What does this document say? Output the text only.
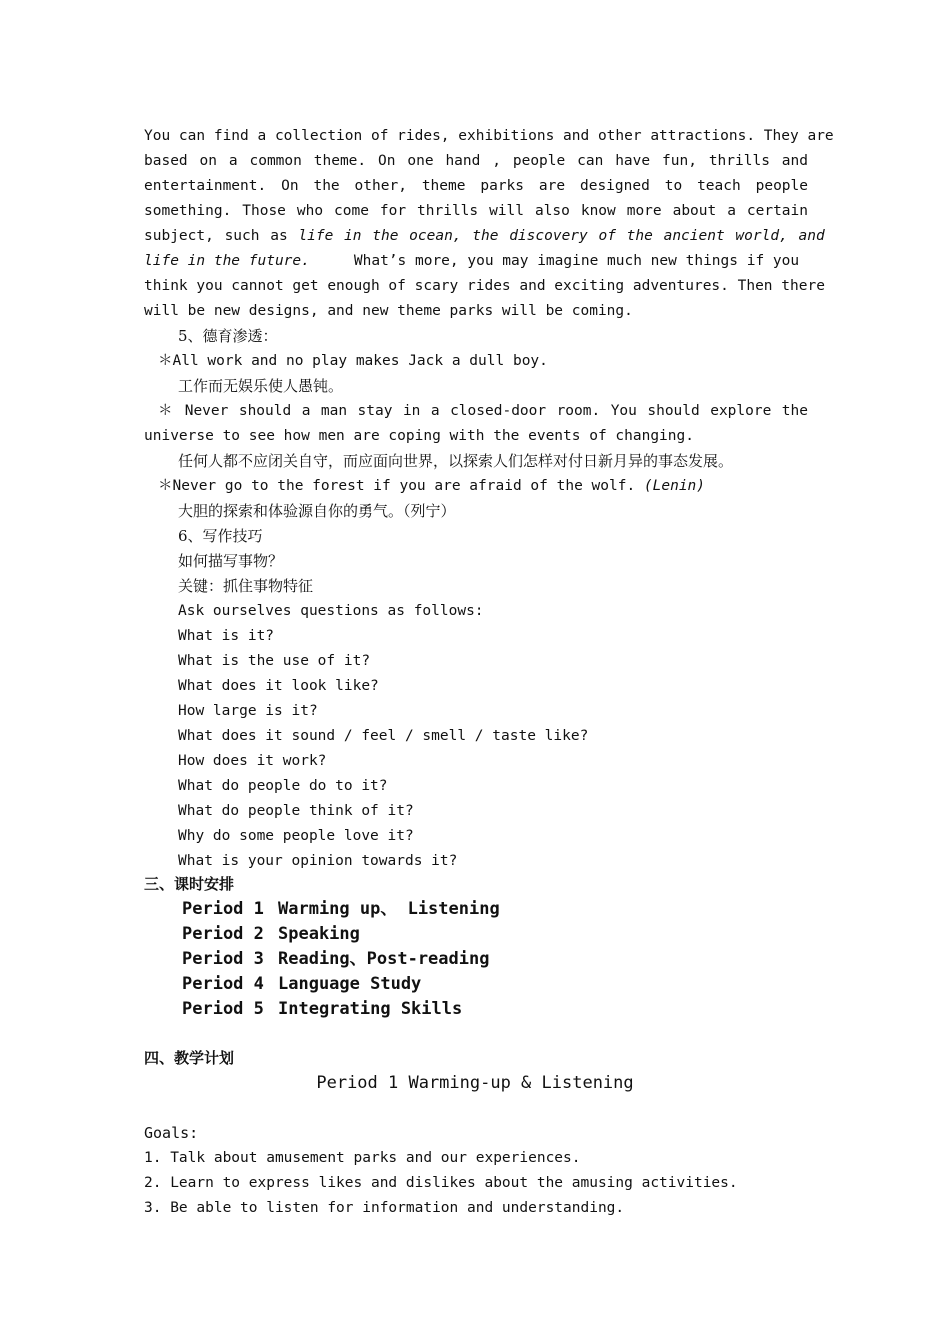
You can find a collection of rides, exhibitions and other attractions. They are
based on a common theme. On one hand , people can have fun, thrills and
entertainment. On the other, theme parks are designed to teach people
something. Those who come for thrills will also know more about a certain
subject, such as life in the ocean, the discovery of the ancient world, and
life in the future.	What’s more, you may imagine much new things if you
think you cannot get enough of scary rides and exciting adventures. Then there
will be new designs, and new theme parks will be coming.
5、德育渗透：
＊All work and no play makes Jack a dull boy.
工作而无娱乐使人愚钝。
＊ Never should a man stay in a closed-door room. You should explore the
universe to see how men are coping with the events of changing.
任何人都不应闭关自守，而应面向世界，以探索人们怎样对付日新月异的事态发展。
＊Never go to the forest if you are afraid of the wolf. (Lenin)
大胆的探索和体验源自你的勇气。（列宁）
6、写作技巧
如何描写事物？
关键：抓住事物特征
Ask ourselves questions as follows:
What is it?
What is the use of it?
What does it look like?
How large is it?
What does it sound / feel / smell / taste like?
How does it work?
What do people do to it?
What do people think of it?
Why do some people love it?
What is your opinion towards it?
三、课时安排
Period 1 Warming up、 Listening
Period 2 Speaking
Period 3 Reading、Post-reading
Period 4 Language Study
Period 5 Integrating Skills
四、教学计划
Period 1 Warming-up & Listening
Goals:
1. Talk about amusement parks and our experiences.
2. Learn to express likes and dislikes about the amusing activities.
3. Be able to listen for information and understanding.
